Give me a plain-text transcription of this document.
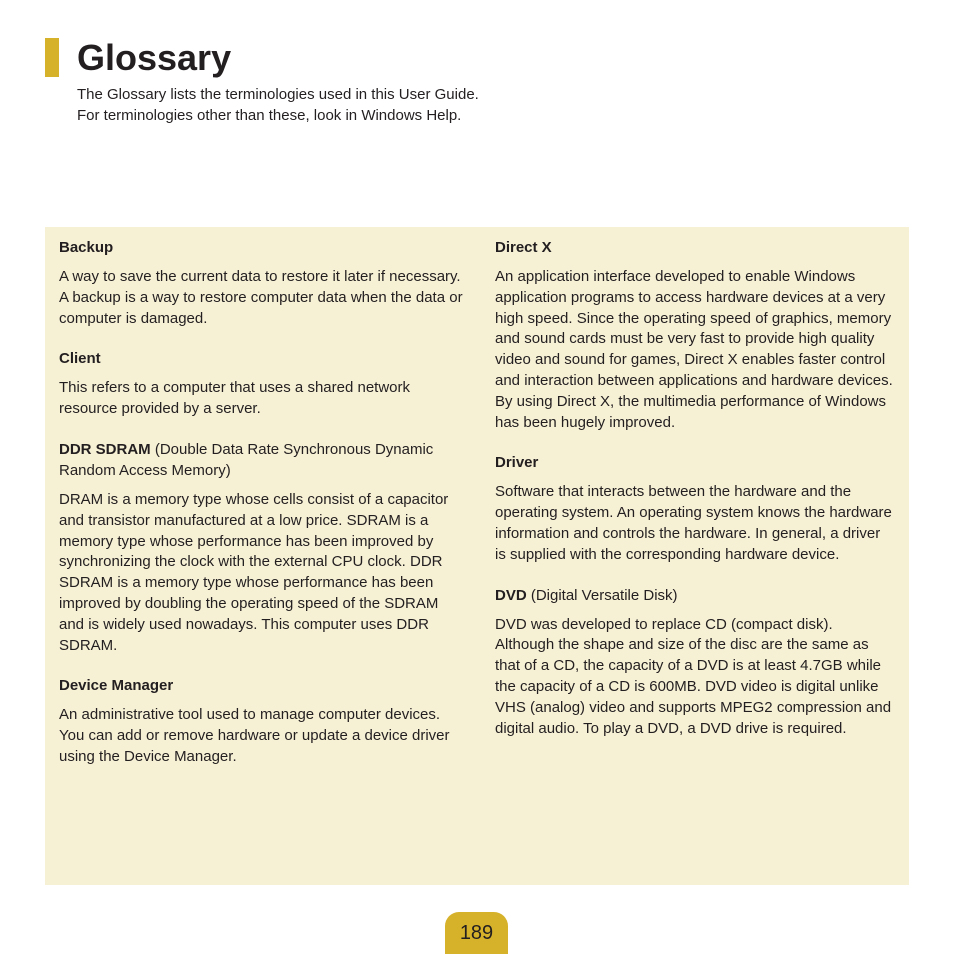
Glossary

The Glossary lists the terminologies used in this User Guide.

For terminologies other than these, look in Windows Help.

Backup

A way to save the current data to restore it later if necessary. A backup is a way to restore computer data when the data or computer is damaged.

Client

This refers to a computer that uses a shared network resource provided by a server.

DDR SDRAM (Double Data Rate Synchronous Dynamic Random Access Memory)

DRAM is a memory type whose cells consist of a capacitor and transistor manufactured at a low price. SDRAM is a memory type whose performance has been improved by synchronizing the clock with the external CPU clock. DDR SDRAM is a memory type whose performance has been improved by doubling the operating speed of the SDRAM and is widely used nowadays. This computer uses DDR SDRAM.

Device Manager

An administrative tool used to manage computer devices. You can add or remove hardware or update a device driver using the Device Manager.

Direct X

An application interface developed to enable Windows application programs to access hardware devices at a very high speed. Since the operating speed of graphics, memory and sound cards must be very fast to provide high quality video and sound for games, Direct X enables faster control and interaction between applications and hardware devices. By using Direct X, the multimedia performance of Windows has been hugely improved.

Driver

Software that interacts between the hardware and the operating system. An operating system knows the hardware information and controls the hardware. In general, a driver is supplied with the corresponding hardware device.

DVD (Digital Versatile Disk)

DVD was developed to replace CD (compact disk). Although the shape and size of the disc are the same as that of a CD, the capacity of a DVD is at least 4.7GB while the capacity of a CD is 600MB. DVD video is digital unlike VHS (analog) video and supports MPEG2 compression and digital audio. To play a DVD, a DVD drive is required.

189
